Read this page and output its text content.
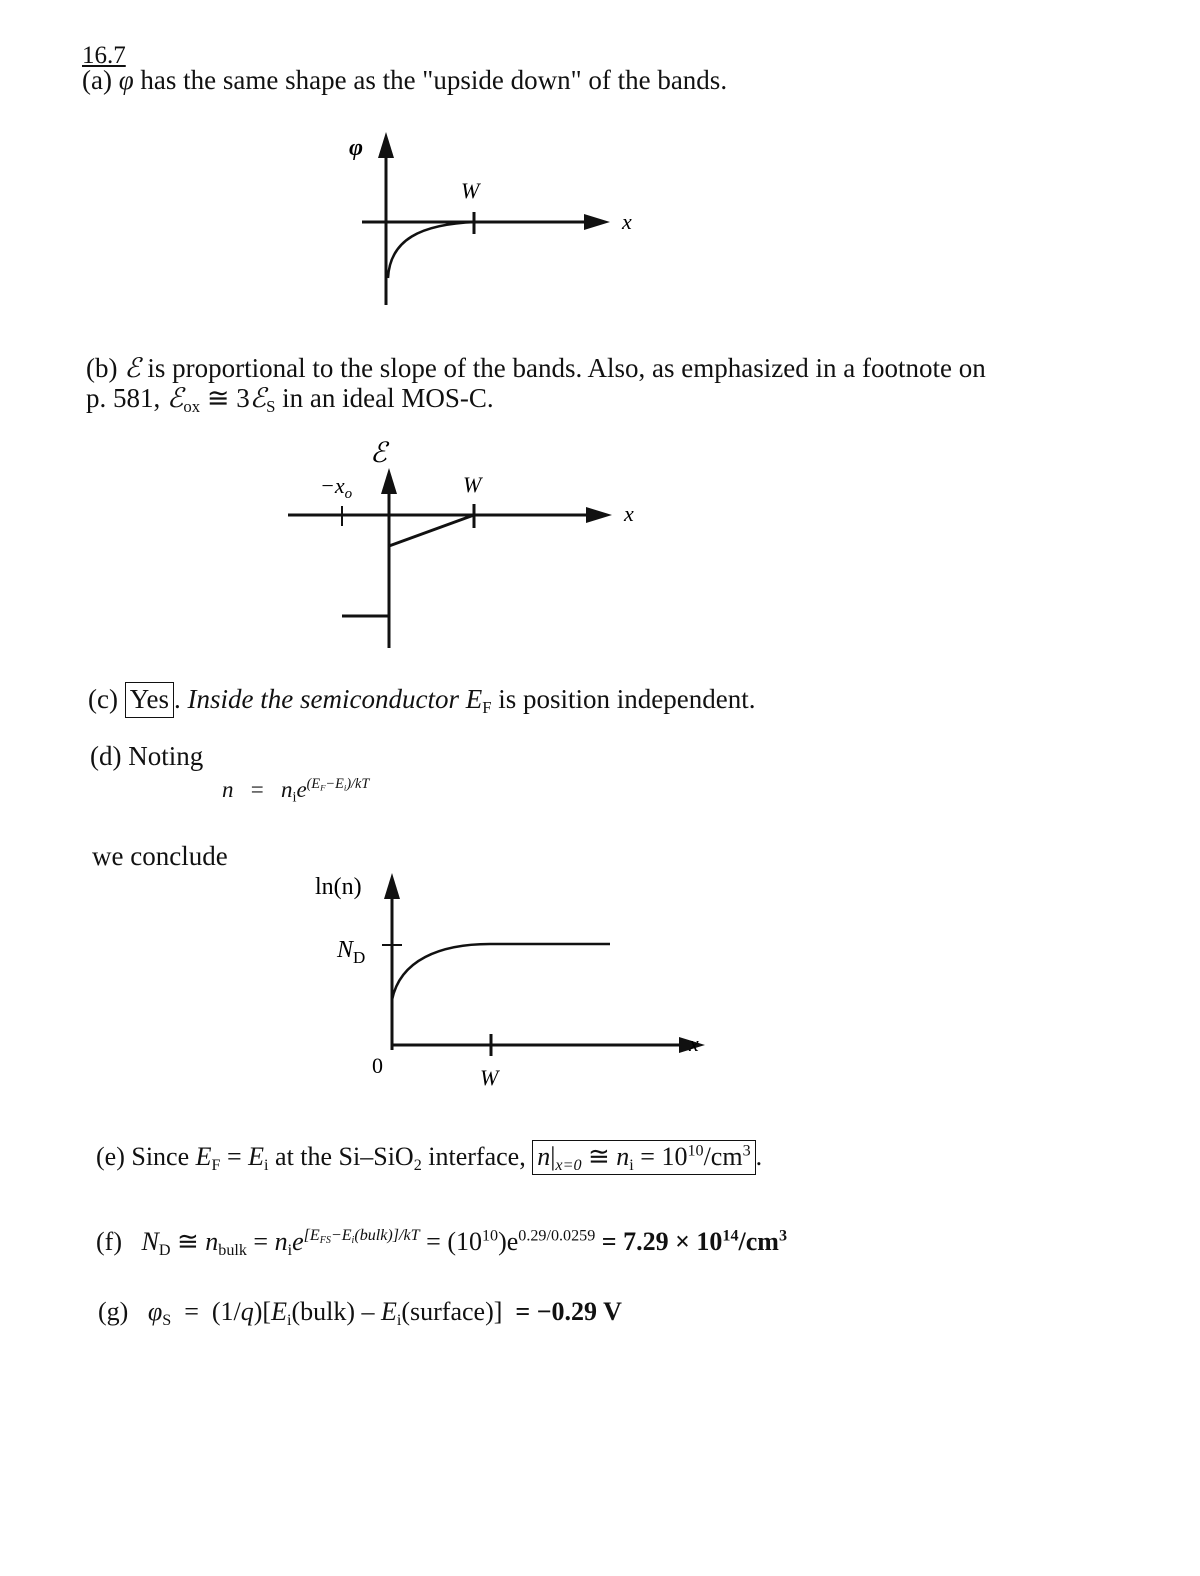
16.7
(a) φ has the same shape as the "upside down" of the bands.
φ
W
x
(b) ℰ is proportional to the slope of the bands. Also, as emphasized in a footnote on
p. 581, ℰ$_{ox}$ ≅ 3ℰ$_S$ in an ideal MOS-C.
ℰ
$-x_o$	W
x
(c) Yes . Inside the semiconductor $E_F$ is position independent.
(d) Noting
$n = n_ie^{(E_F-E_i)/kT}$
we conclude
ln(n)
$N_D$
0	W
x
(e) Since $E_F = E_i$ at the Si–SiO$_2$ interface, $n|_{x=0}$ ≅ $n_i = 10^{10}/cm^3$ .
(f) $N_D$ ≅ $n_{bulk} = n_ie^{[E_{FS}-E_i(bulk)]/kT} = (10^{10})e^{0.29/0.0259} = 7.29 \times 10^{14}/cm^3$
(g) $\varphi_S$ = $(1/q)[E_i(bulk)$ – $E_i(surface)] = -0.29$ V
